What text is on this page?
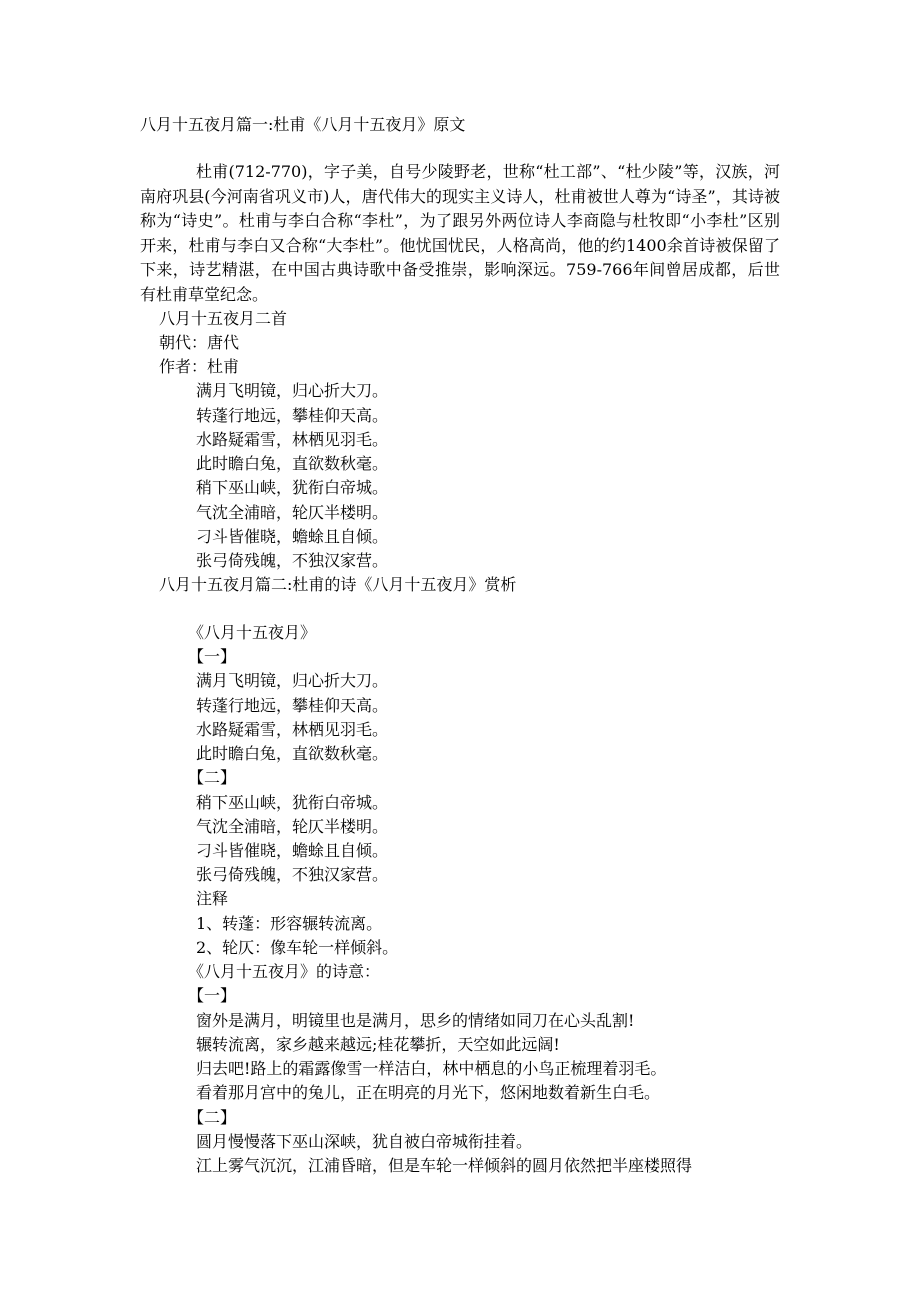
八月十五夜月篇一:杜甫《八月十五夜月》原文
杜甫(712-770)，字子美，自号少陵野老，世称“杜工部”、“杜少陵”等，汉族，河南府巩县(今河南省巩义市)人，唐代伟大的现实主义诗人，杜甫被世人尊为“诗圣”，其诗被称为“诗史”。杜甫与李白合称“李杜”，为了跟另外两位诗人李商隐与杜牧即“小李杜”区别开来，杜甫与李白又合称“大李杜”。他忧国忧民，人格高尚，他的约1400余首诗被保留了下来，诗艺精湛，在中国古典诗歌中备受推崇，影响深远。759-766年间曾居成都，后世有杜甫草堂纪念。
八月十五夜月二首
朝代：唐代
作者：杜甫
满月飞明镜，归心折大刀。
转蓬行地远，攀桂仰天高。
水路疑霜雪，林栖见羽毛。
此时瞻白兔，直欲数秋毫。
稍下巫山峡，犹衔白帝城。
气沈全浦暗，轮仄半楼明。
刁斗皆催晓，蟾蜍且自倾。
张弓倚残魄，不独汉家营。
八月十五夜月篇二:杜甫的诗《八月十五夜月》赏析
《八月十五夜月》
【一】
满月飞明镜，归心折大刀。
转蓬行地远，攀桂仰天高。
水路疑霜雪，林栖见羽毛。
此时瞻白兔，直欲数秋毫。
【二】
稍下巫山峡，犹衔白帝城。
气沈全浦暗，轮仄半楼明。
刁斗皆催晓，蟾蜍且自倾。
张弓倚残魄，不独汉家营。
注释
1、转蓬：形容辗转流离。
2、轮仄：像车轮一样倾斜。
《八月十五夜月》的诗意：
【一】
窗外是满月，明镜里也是满月，思乡的情绪如同刀在心头乱割!
辗转流离，家乡越来越远;桂花攀折，天空如此远阔!
归去吧!路上的霜露像雪一样洁白，林中栖息的小鸟正梳理着羽毛。
看着那月宫中的兔儿，正在明亮的月光下，悠闲地数着新生白毛。
【二】
圆月慢慢落下巫山深峡，犹自被白帝城衔挂着。
江上雾气沉沉，江浦昏暗，但是车轮一样倾斜的圆月依然把半座楼照得
